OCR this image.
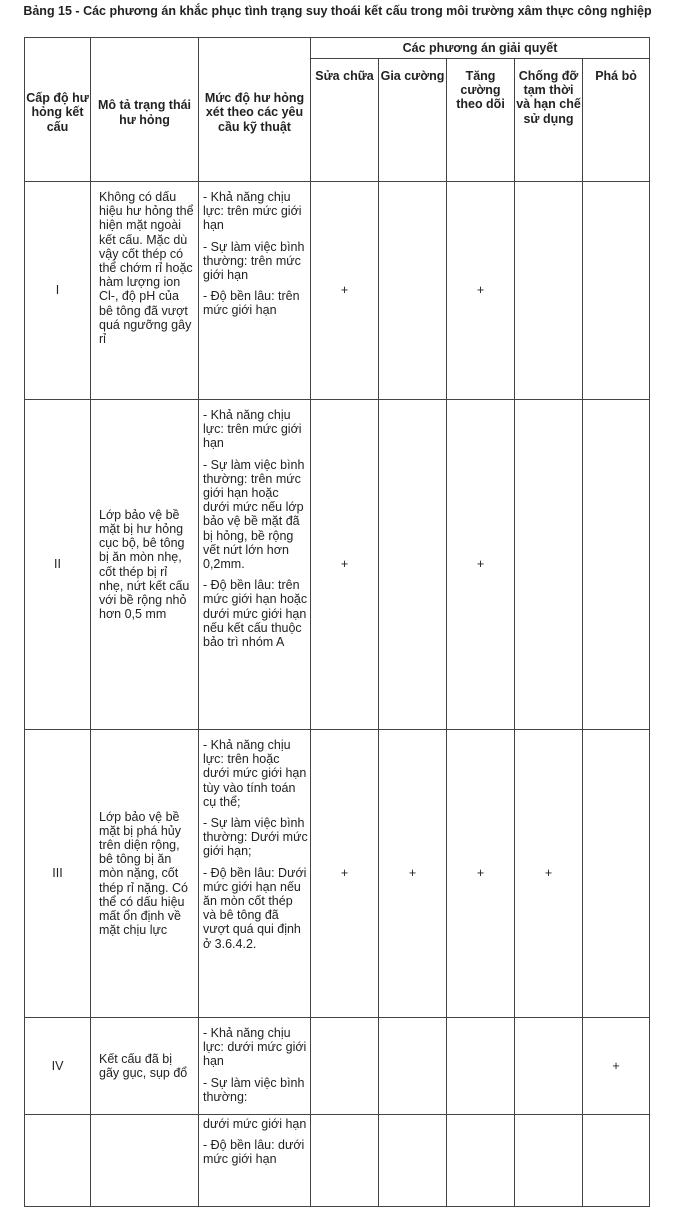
Bảng 15 - Các phương án khắc phục tình trạng suy thoái kết cấu trong môi trường xâm thực công nghiệp
Cấp độ hư hỏng kết cấu	Mô tả trạng thái hư hỏng	Mức độ hư hỏng xét theo các yêu cầu kỹ thuật	Các phương án giải quyết				
			Sửa chữa	Gia cường	Tăng cường theo dõi	Chống đỡ tạm thời và hạn chế sử dụng	Phá bỏ
I	Không có dấu hiệu hư hỏng thể hiện mặt ngoài kết cấu. Mặc dù vậy cốt thép có thể chớm rỉ hoặc hàm lượng ion Cl-, độ pH của bê tông đã vượt quá ngưỡng gây rỉ	- Khả năng chịu lực: trên mức giới hạn
- Sự làm việc bình thường: trên mức giới hạn
- Độ bền lâu: trên mức giới hạn	+		+		
II	Lớp bảo vệ bề mặt bị hư hỏng cục bộ, bê tông bị ăn mòn nhẹ, cốt thép bị rỉ nhẹ, nứt kết cấu với bề rộng nhỏ hơn 0,5 mm	- Khả năng chịu lực: trên mức giới hạn
- Sự làm việc bình thường: trên mức giới hạn hoặc dưới mức nếu lớp bảo vệ bề mặt đã bị hỏng, bề rộng vết nứt lớn hơn 0,2mm.
- Độ bền lâu: trên mức giới hạn hoặc dưới mức giới hạn nếu kết cấu thuộc bảo trì nhóm A	+		+		
III	Lớp bảo vệ bề mặt bị phá hủy trên diện rộng, bê tông bị ăn mòn nặng, cốt thép rỉ nặng. Có thể có dấu hiệu mất ổn định về mặt chịu lực	- Khả năng chịu lực: trên hoặc dưới mức giới hạn tùy vào tính toán cụ thể;
- Sự làm việc bình thường: Dưới mức giới hạn;
- Độ bền lâu: Dưới mức giới hạn nếu ăn mòn cốt thép và bê tông đã vượt quá qui định ở 3.6.4.2.	+	+	+	+	
IV	Kết cấu đã bị gãy gục, sụp đổ	- Khả năng chịu lực: dưới mức giới hạn
- Sự làm việc bình thường:					+

		dưới mức giới hạn
- Độ bền lâu: dưới mức giới hạn					
